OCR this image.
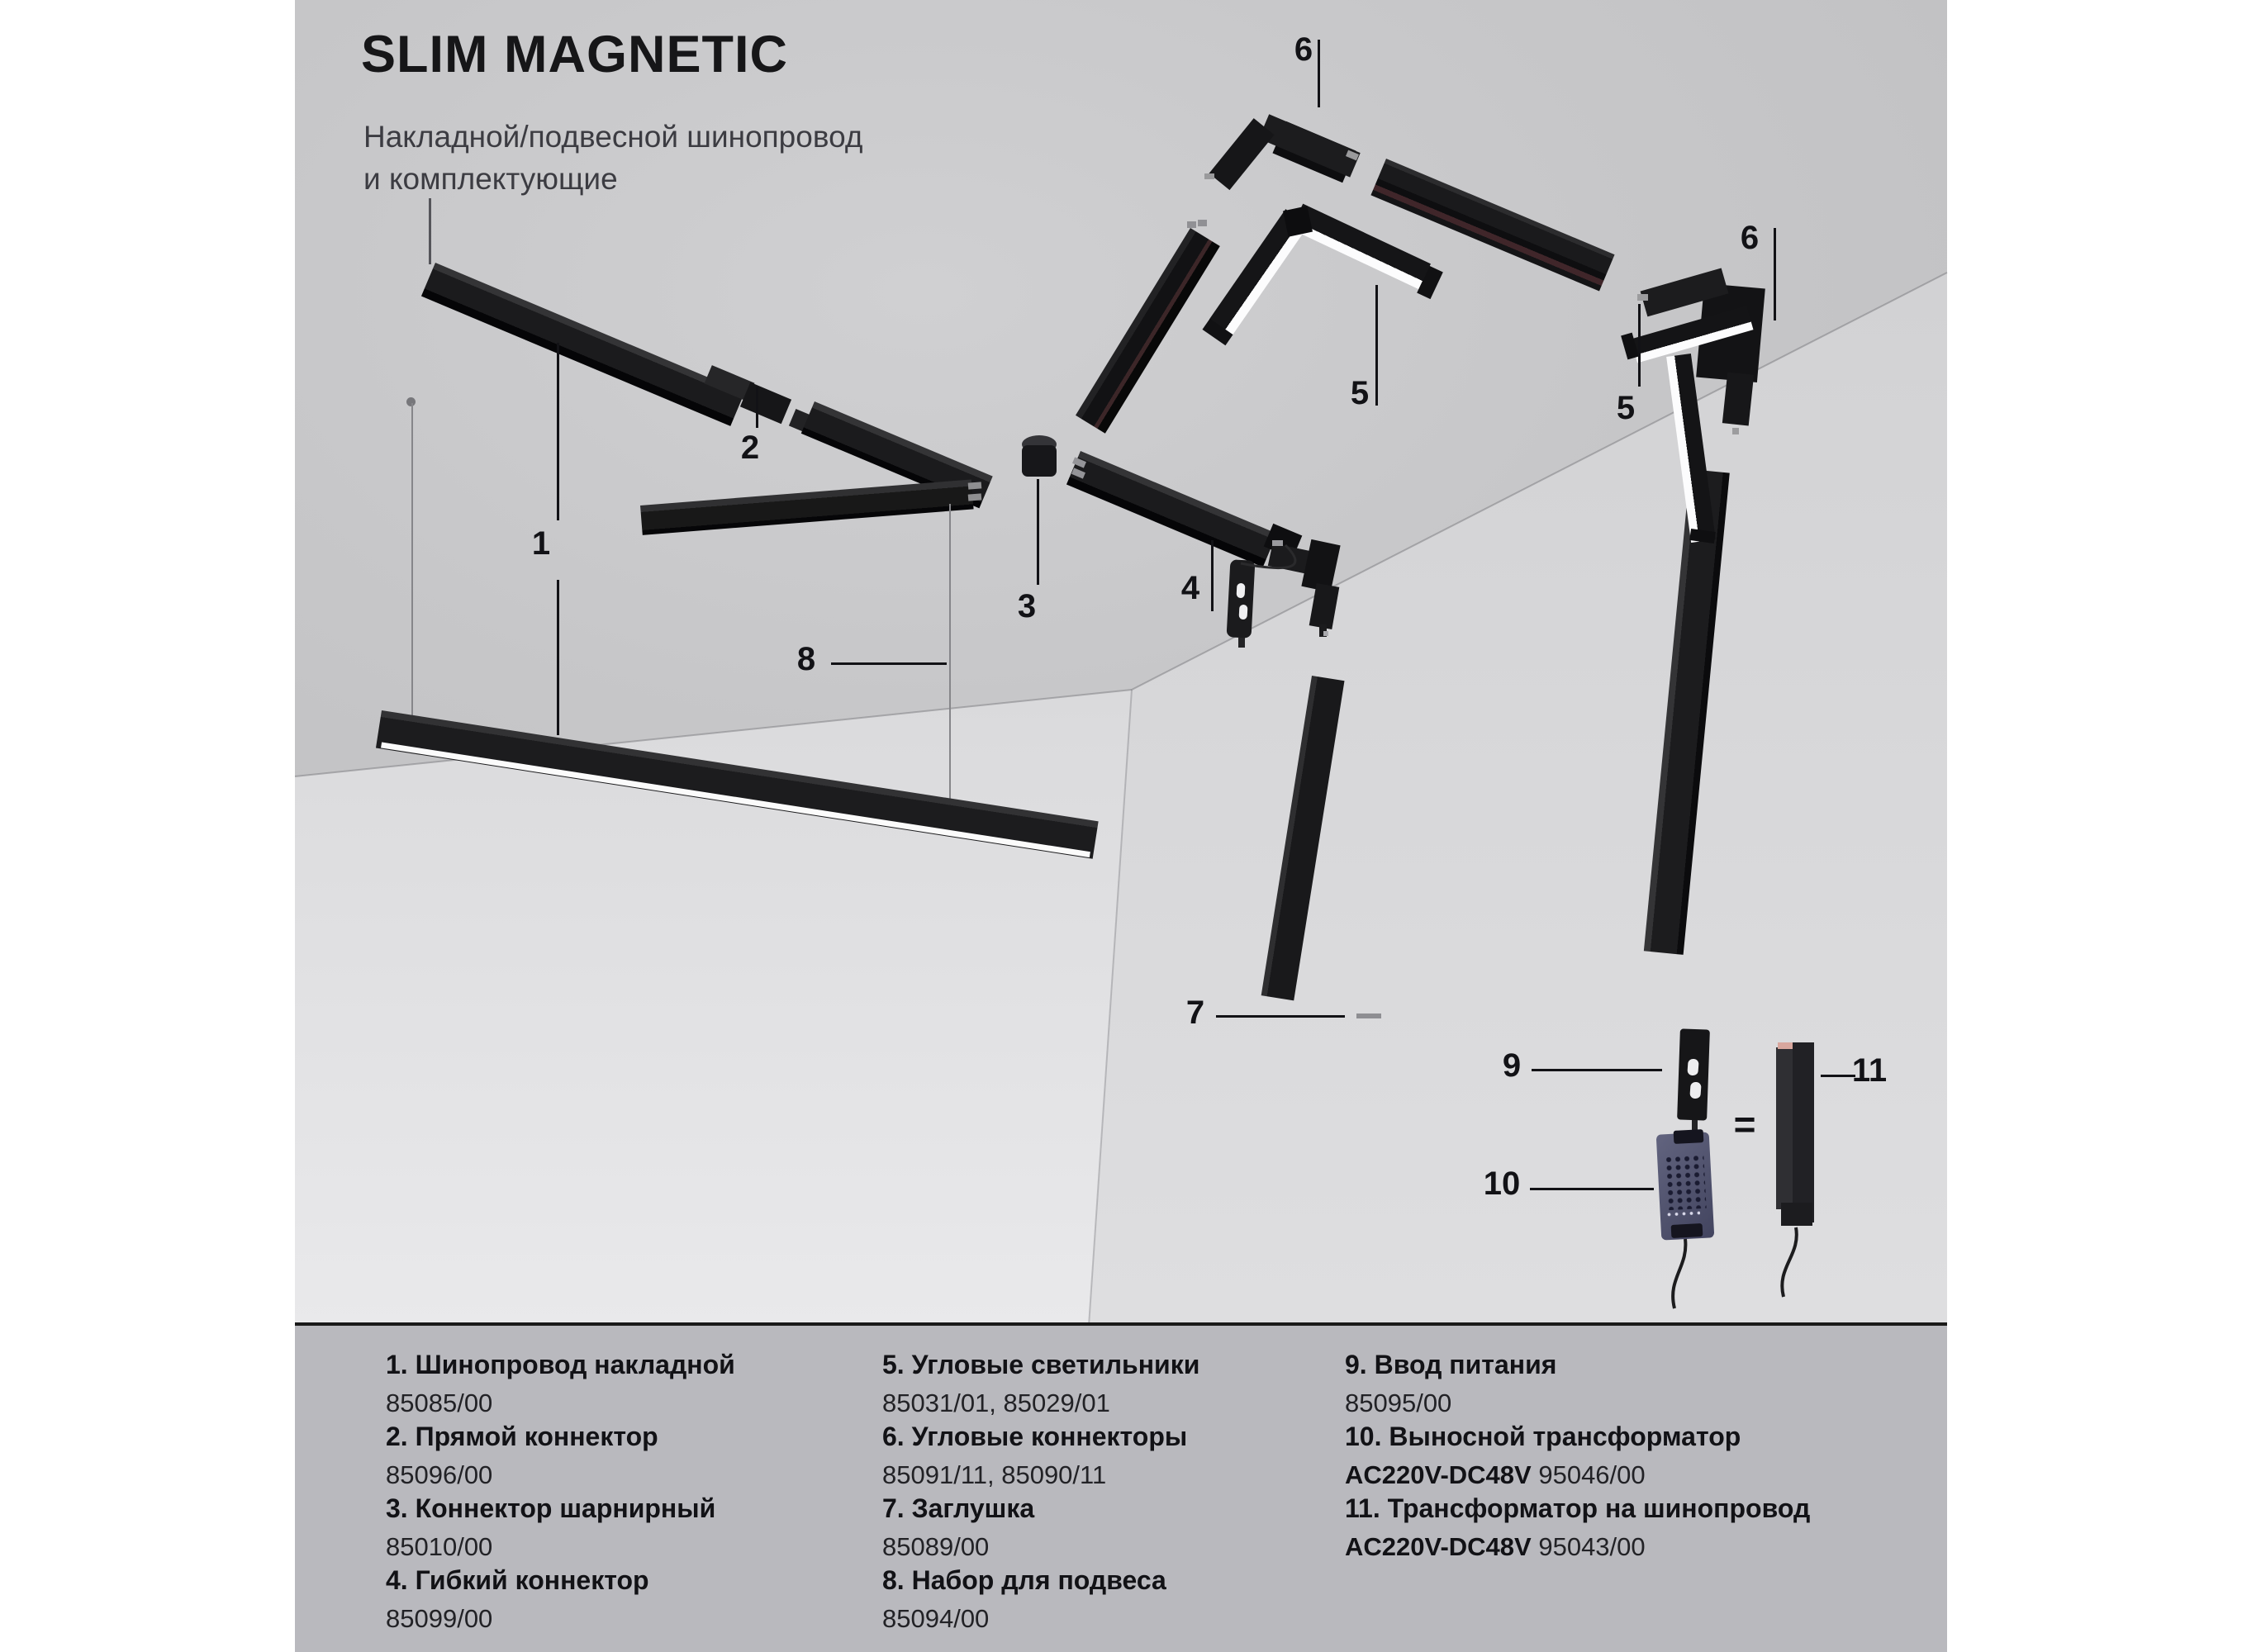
SLIM MAGNETIC
Накладной/подвесной шинопровод
и комплектующие
1
2
3	4
5	5
6
6
7
8
9
10
11
=
1. Шинопровод накладной
85085/00
2. Прямой коннектор
85096/00
3. Коннектор шарнирный
85010/00
4. Гибкий коннектор
85099/00
5. Угловые светильники
85031/01, 85029/01
6. Угловые коннекторы
85091/11, 85090/11
7. Заглушка
85089/00
8. Набор для подвеса
85094/00
9. Ввод питания
85095/00
10. Выносной трансформатор
AC220V-DC48V 95046/00
11. Трансформатор на шинопровод
AC220V-DC48V 95043/00
